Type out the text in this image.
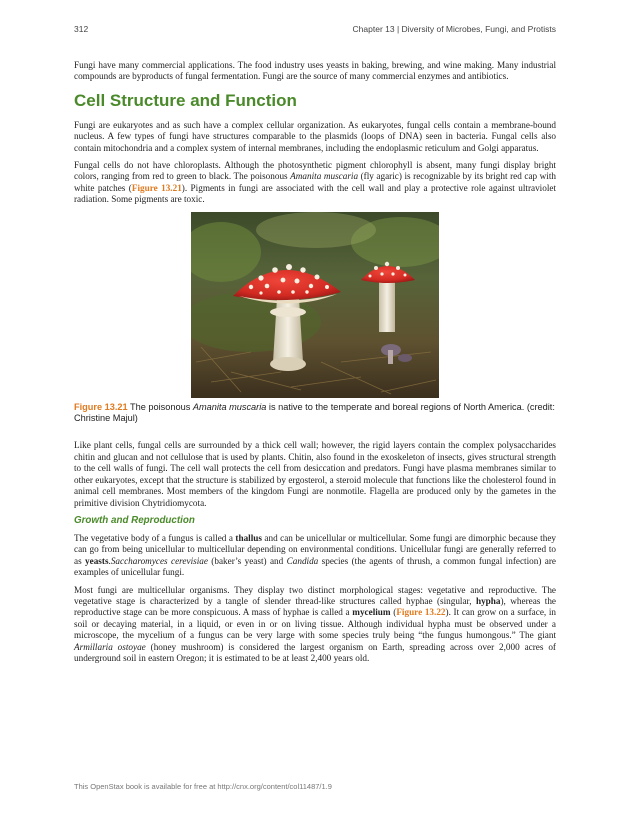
312	Chapter 13 | Diversity of Microbes, Fungi, and Protists

Fungi have many commercial applications. The food industry uses yeasts in baking, brewing, and wine making. Many industrial compounds are byproducts of fungal fermentation. Fungi are the source of many commercial enzymes and antibiotics.

Cell Structure and Function

Fungi are eukaryotes and as such have a complex cellular organization. As eukaryotes, fungal cells contain a membrane-bound nucleus. A few types of fungi have structures comparable to the plasmids (loops of DNA) seen in bacteria. Fungal cells also contain mitochondria and a complex system of internal membranes, including the endoplasmic reticulum and Golgi apparatus.

Fungal cells do not have chloroplasts. Although the photosynthetic pigment chlorophyll is absent, many fungi display bright colors, ranging from red to green to black. The poisonous Amanita muscaria (fly agaric) is recognizable by its bright red cap with white patches (Figure 13.21). Pigments in fungi are associated with the cell wall and play a protective role against ultraviolet radiation. Some pigments are toxic.

Figure 13.21 The poisonous Amanita muscaria is native to the temperate and boreal regions of North America. (credit: Christine Majul)

Like plant cells, fungal cells are surrounded by a thick cell wall; however, the rigid layers contain the complex polysaccharides chitin and glucan and not cellulose that is used by plants. Chitin, also found in the exoskeleton of insects, gives structural strength to the cell walls of fungi. The cell wall protects the cell from desiccation and predators. Fungi have plasma membranes similar to other eukaryotes, except that the structure is stabilized by ergosterol, a steroid molecule that functions like the cholesterol found in animal cell membranes. Most members of the kingdom Fungi are nonmotile. Flagella are produced only by the gametes in the primitive division Chytridiomycota.

Growth and Reproduction

The vegetative body of a fungus is called a thallus and can be unicellular or multicellular. Some fungi are dimorphic because they can go from being unicellular to multicellular depending on environmental conditions. Unicellular fungi are generally referred to as yeasts.Saccharomyces cerevisiae (baker’s yeast) and Candida species (the agents of thrush, a common fungal infection) are examples of unicellular fungi.

Most fungi are multicellular organisms. They display two distinct morphological stages: vegetative and reproductive. The vegetative stage is characterized by a tangle of slender thread-like structures called hyphae (singular, hypha), whereas the reproductive stage can be more conspicuous. A mass of hyphae is called a mycelium (Figure 13.22). It can grow on a surface, in soil or decaying material, in a liquid, or even in or on living tissue. Although individual hypha must be observed under a microscope, the mycelium of a fungus can be very large with some species truly being “the fungus humongous.” The giant Armillaria ostoyae (honey mushroom) is considered the largest organism on Earth, spreading across over 2,000 acres of underground soil in eastern Oregon; it is estimated to be at least 2,400 years old.

This OpenStax book is available for free at http://cnx.org/content/col11487/1.9
